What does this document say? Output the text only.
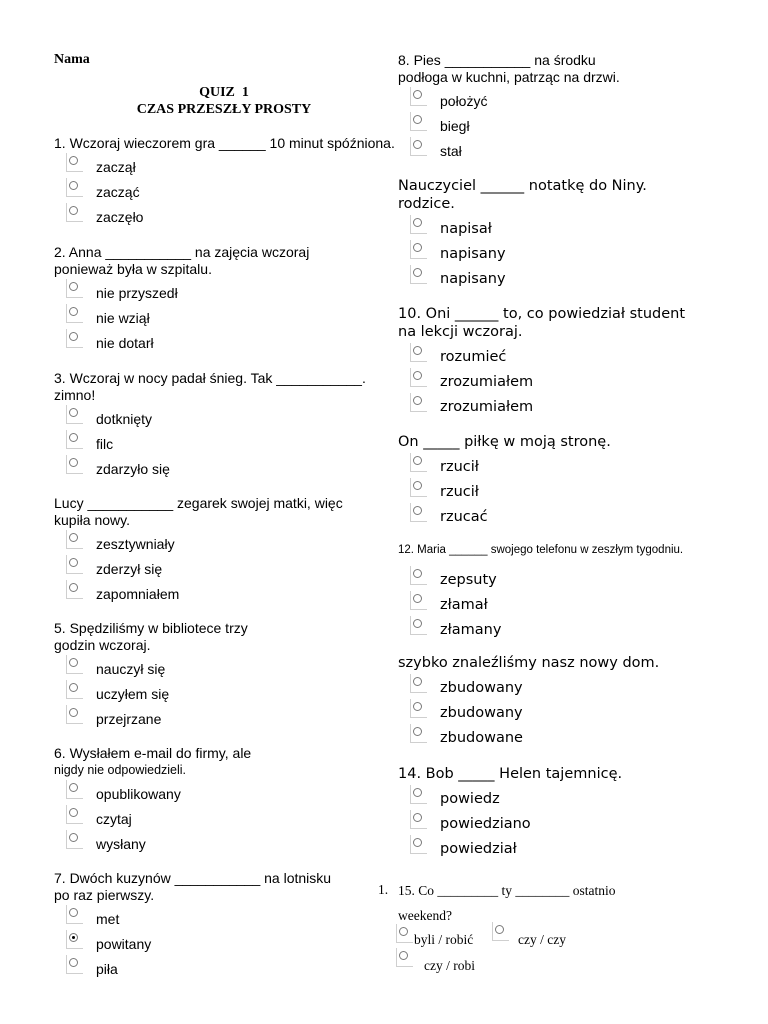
Nama
QUIZ  1
CZAS PRZESZŁY PROSTY
1. Wczoraj wieczorem gra ______ 10 minut spóźniona.
zaczął
zacząć
zaczęło
2. Anna ___________ na zajęcia wczoraj
ponieważ była w szpitalu.
nie przyszedł
nie wziął
nie dotarł
3. Wczoraj w nocy padał śnieg. Tak ___________.
zimno!
dotknięty
filc
zdarzyło się
Lucy ___________ zegarek swojej matki, więc
kupiła nowy.
zesztywniały
zderzył się
zapomniałem
5. Spędziliśmy w bibliotece trzy
godzin wczoraj.
nauczył się
uczyłem się
przejrzane
6. Wysłałem e-mail do firmy, ale
nigdy nie odpowiedzieli.
opublikowany
czytaj
wysłany
7. Dwóch kuzynów ___________ na lotnisku
po raz pierwszy.
met
powitany
piła
8. Pies ___________ na środku
podłoga w kuchni, patrząc na drzwi.
położyć
biegł
stał
Nauczyciel ______ notatkę do Niny.
rodzice.
napisał
napisany
napisany
10. Oni ______ to, co powiedział student
na lekcji wczoraj.
rozumieć
zrozumiałem
zrozumiałem
On _____ piłkę w moją stronę.
rzucił
rzucił
rzucać
12. Maria ______ swojego telefonu w zeszłym tygodniu.
zepsuty
złamał
złamany
szybko znaleźliśmy nasz nowy dom.
zbudowany
zbudowany
zbudowane
14. Bob _____ Helen tajemnicę.
powiedz
powiedziano
powiedział
15. Co _________ ty ________ ostatnio
weekend?
byli / robić	czy / czy
czy / robi
1.
